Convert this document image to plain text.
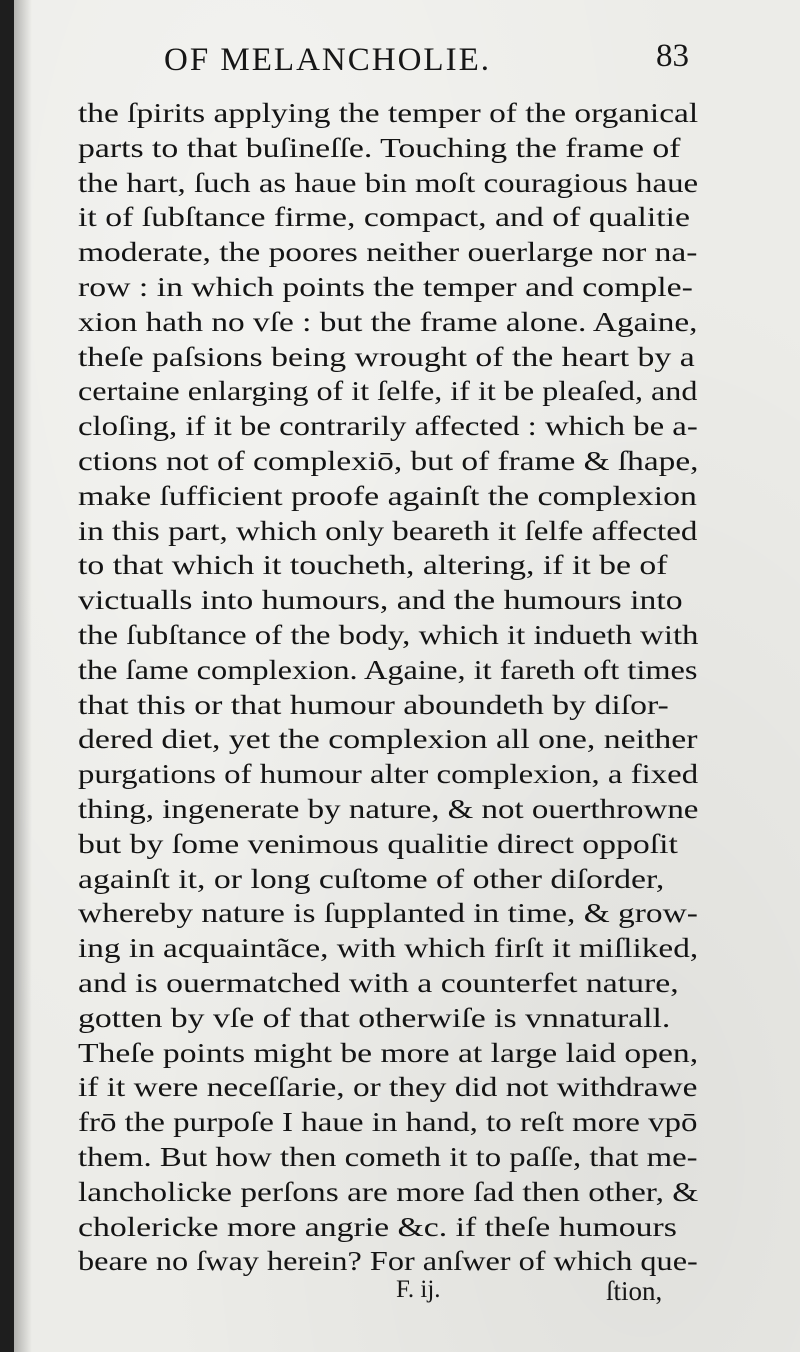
OF MELANCHOLIE.	83
the ſpirits applying the temper of the organical
parts to that buſineſſe. Touching the frame of
the hart, ſuch as haue bin moſt couragious haue
it of ſubſtance firme, compact, and of qualitie
moderate, the poores neither ouerlarge nor na-
row : in which points the temper and comple-
xion hath no vſe : but the frame alone. Againe,
theſe paſsions being wrought of the heart by a
certaine enlarging of it ſelfe, if it be pleaſed, and
cloſing, if it be contrarily affected : which be a-
ctions not of complexiō, but of frame & ſhape,
make ſufficient proofe againſt the complexion
in this part, which only beareth it ſelfe affected
to that which it toucheth, altering, if it be of
victualls into humours, and the humours into
the ſubſtance of the body, which it indueth with
the ſame complexion. Againe, it fareth oft times
that this or that humour aboundeth by diſor-
dered diet, yet the complexion all one, neither
purgations of humour alter complexion, a fixed
thing, ingenerate by nature, & not ouerthrowne
but by ſome venimous qualitie direct oppoſit
againſt it, or long cuſtome of other diſorder,
whereby nature is ſupplanted in time, & grow-
ing in acquaintãce, with which firſt it miſliked,
and is ouermatched with a counterfet nature,
gotten by vſe of that otherwiſe is vnnaturall.
Theſe points might be more at large laid open,
if it were neceſſarie, or they did not withdrawe
frō the purpoſe I haue in hand, to reſt more vpō
them. But how then cometh it to paſſe, that me-
lancholicke perſons are more ſad then other, &
cholericke more angrie &c. if theſe humours
beare no ſway herein? For anſwer of which que-
F. ij.	ſtion,
